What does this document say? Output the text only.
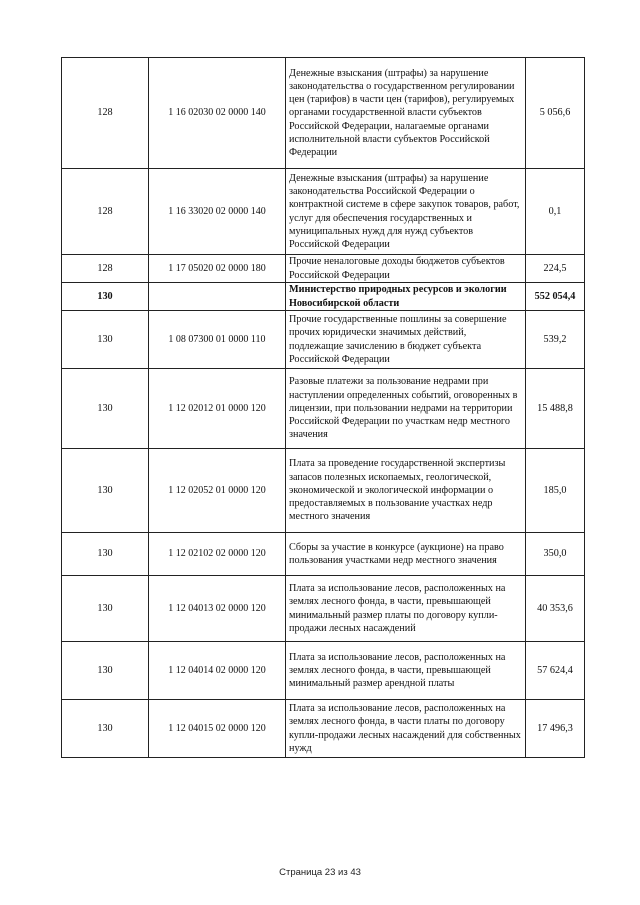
128	1 16 02030 02 0000 140	Денежные взыскания (штрафы) за нарушение законодательства о государственном регулировании цен (тарифов) в части цен (тарифов), регулируемых органами государственной власти субъектов Российской Федерации, налагаемые органами исполнительной власти субъектов Российской Федерации	5 056,6
128	1 16 33020 02 0000 140	Денежные взыскания (штрафы) за нарушение законодательства Российской Федерации о контрактной системе в сфере закупок товаров, работ, услуг для обеспечения государственных и муниципальных нужд для нужд субъектов Российской Федерации	0,1
128	1 17 05020 02 0000 180	Прочие неналоговые доходы бюджетов субъектов Российской Федерации	224,5
130		Министерство природных ресурсов и экологии Новосибирской области	552 054,4
130	1 08 07300 01 0000 110	Прочие государственные пошлины за совершение прочих юридически значимых действий, подлежащие зачислению в бюджет субъекта Российской Федерации	539,2
130	1 12 02012 01 0000 120	Разовые платежи за пользование недрами при наступлении определенных событий, оговоренных в лицензии, при пользовании недрами на территории Российской Федерации по участкам недр местного значения	15 488,8
130	1 12 02052 01 0000 120	Плата за проведение государственной экспертизы запасов полезных ископаемых, геологической, экономической и экологической информации о предоставляемых в пользование участках недр местного значения	185,0
130	1 12 02102 02 0000 120	Сборы за участие в конкурсе (аукционе) на право пользования участками недр местного значения	350,0
130	1 12 04013 02 0000 120	Плата за использование лесов, расположенных на землях лесного фонда, в части, превышающей минимальный размер платы по договору купли-продажи лесных насаждений	40 353,6
130	1 12 04014 02 0000 120	Плата за использование лесов, расположенных на землях лесного фонда, в части, превышающей минимальный размер арендной платы	57 624,4
130	1 12 04015 02 0000 120	Плата за использование лесов, расположенных на землях лесного фонда, в части платы по договору купли-продажи лесных насаждений для собственных нужд	17 496,3
Страница 23 из 43
